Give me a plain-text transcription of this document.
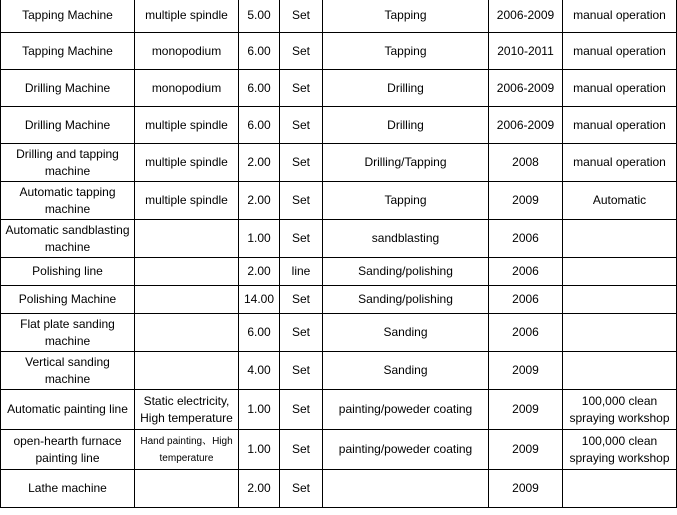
Tapping Machine	multiple spindle	5.00	Set	Tapping	2006-2009	manual operation
Tapping Machine	monopodium	6.00	Set	Tapping	2010-2011	manual operation
Drilling Machine	monopodium	6.00	Set	Drilling	2006-2009	manual operation
Drilling Machine	multiple spindle	6.00	Set	Drilling	2006-2009	manual operation
Drilling and tapping machine	multiple spindle	2.00	Set	Drilling/Tapping	2008	manual operation
Automatic tapping machine	multiple spindle	2.00	Set	Tapping	2009	Automatic
Automatic sandblasting machine		1.00	Set	sandblasting	2006	
Polishing line		2.00	line	Sanding/polishing	2006	
Polishing Machine		14.00	Set	Sanding/polishing	2006	
Flat plate sanding machine		6.00	Set	Sanding	2006	
Vertical sanding machine		4.00	Set	Sanding	2009	
Automatic painting line	Static electricity, High temperature	1.00	Set	painting/poweder coating	2009	100,000 clean spraying workshop
open-hearth furnace painting line	Hand painting、High temperature	1.00	Set	painting/poweder coating	2009	100,000 clean spraying workshop
Lathe machine		2.00	Set		2009	
